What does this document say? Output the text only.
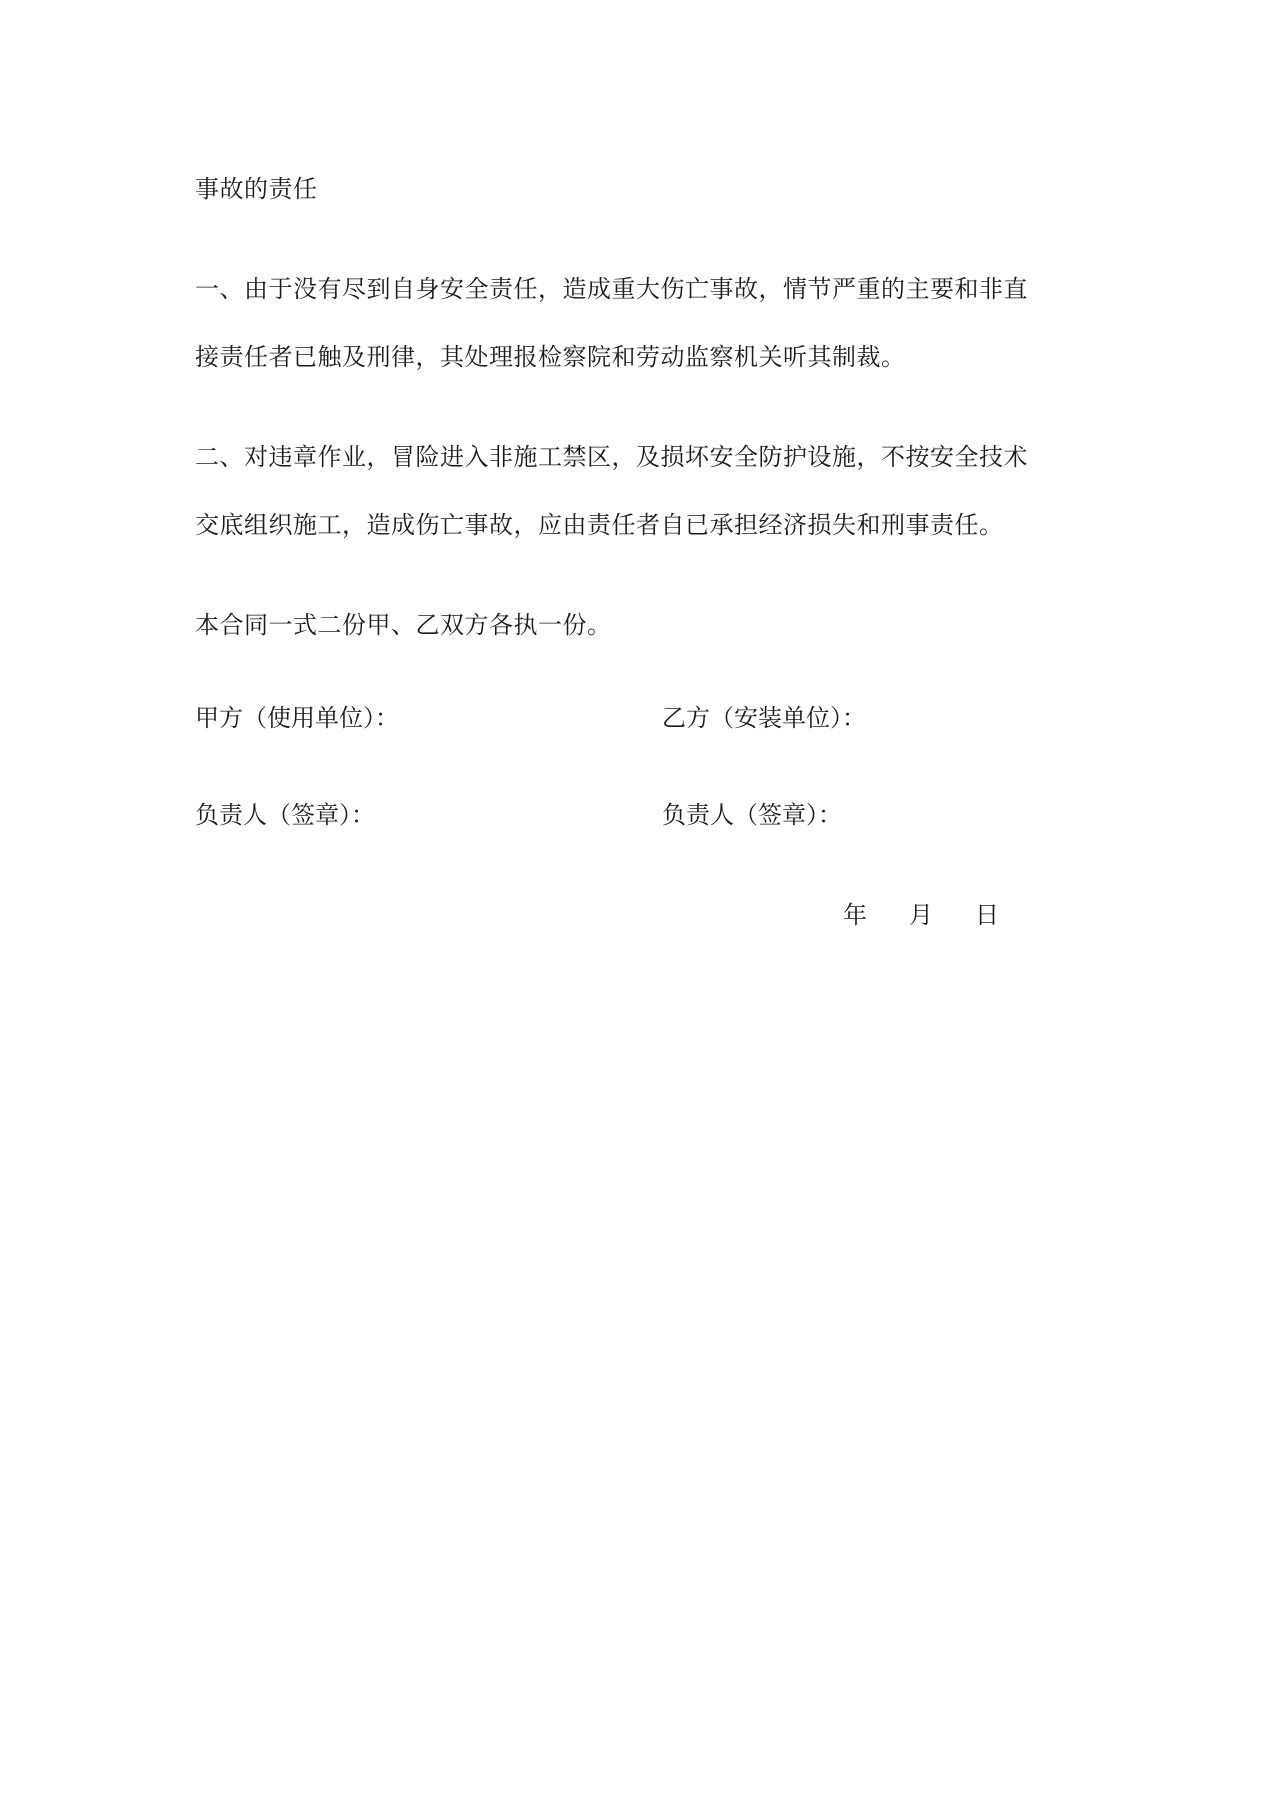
事故的责任
一、由于没有尽到自身安全责任，造成重大伤亡事故，情节严重的主要和非直
接责任者已触及刑律，其处理报检察院和劳动监察机关听其制裁。
二、对违章作业，冒险进入非施工禁区，及损坏安全防护设施，不按安全技术
交底组织施工，造成伤亡事故，应由责任者自已承担经济损失和刑事责任。
本合同一式二份甲、乙双方各执一份。
甲方（使用单位）：	乙方（安装单位）：
负责人（签章）：	负责人（签章）：
年 月 日
